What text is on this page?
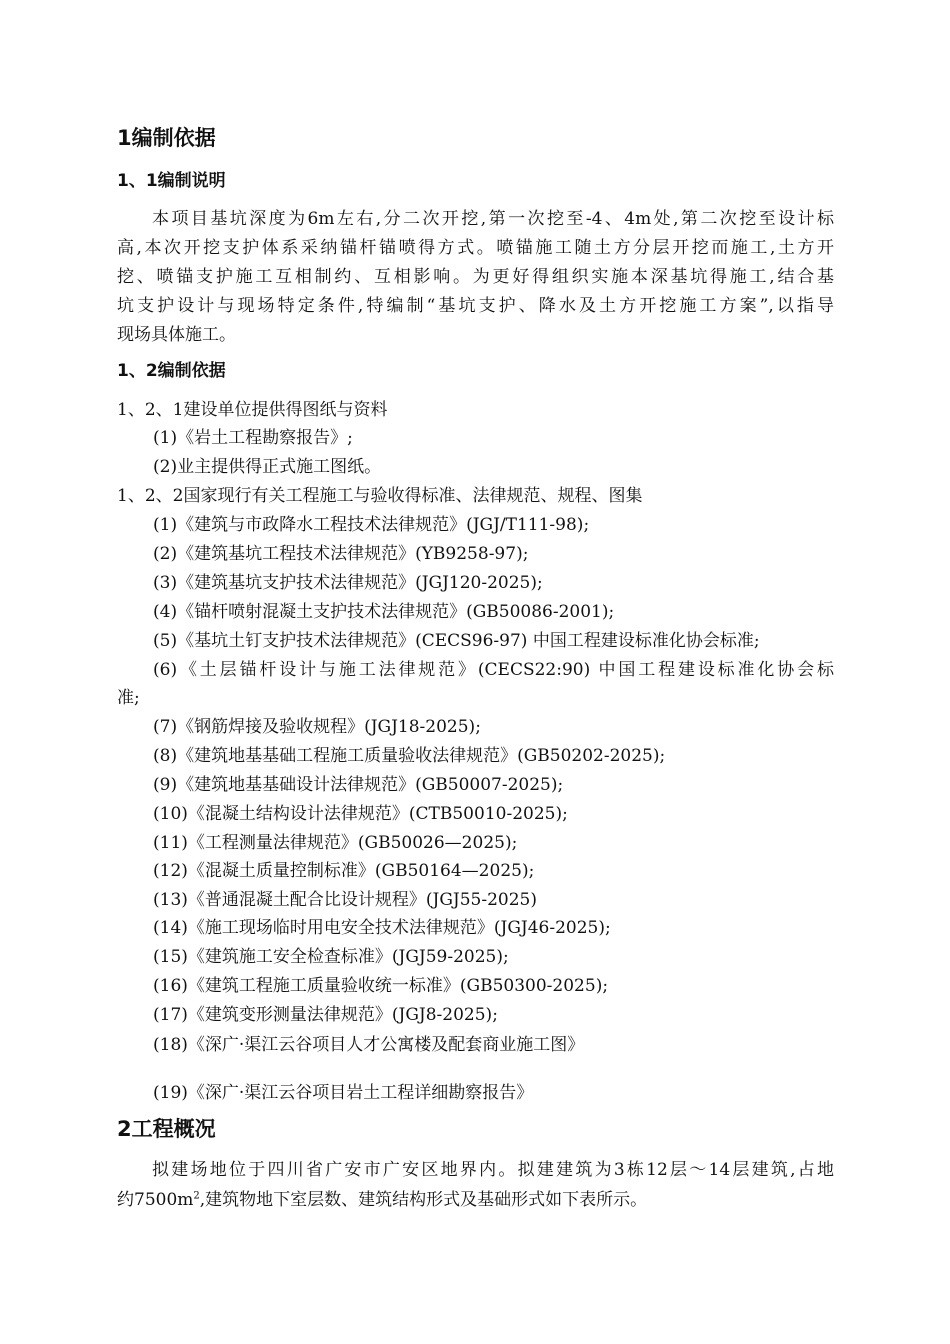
1编制依据
1、1编制说明
本项目基坑深度为6m左右,分二次开挖,第一次挖至-4、4m处,第二次挖至设计标
高,本次开挖支护体系采纳锚杆锚喷得方式。喷锚施工随土方分层开挖而施工,土方开
挖、喷锚支护施工互相制约、互相影响。为更好得组织实施本深基坑得施工,结合基
坑支护设计与现场特定条件,特编制“基坑支护、降水及土方开挖施工方案”,以指导
现场具体施工。
1、2编制依据
1、2、1建设单位提供得图纸与资料
(1)《岩土工程勘察报告》;
(2)业主提供得正式施工图纸。
1、2、2国家现行有关工程施工与验收得标准、法律规范、规程、图集
(1)《建筑与市政降水工程技术法律规范》(JGJ/T111-98);
(2)《建筑基坑工程技术法律规范》(YB9258-97);
(3)《建筑基坑支护技术法律规范》(JGJ120-2025);
(4)《锚杆喷射混凝土支护技术法律规范》(GB50086-2001);
(5)《基坑土钉支护技术法律规范》(CECS96-97) 中国工程建设标准化协会标准;
(6)《土层锚杆设计与施工法律规范》(CECS22:90) 中国工程建设标准化协会标
准;
(7)《钢筋焊接及验收规程》(JGJ18-2025);
(8)《建筑地基基础工程施工质量验收法律规范》(GB50202-2025);
(9)《建筑地基基础设计法律规范》(GB50007-2025);
(10)《混凝土结构设计法律规范》(CTB50010-2025);
(11)《工程测量法律规范》(GB50026—2025);
(12)《混凝土质量控制标准》(GB50164—2025);
(13)《普通混凝土配合比设计规程》(JGJ55-2025)
(14)《施工现场临时用电安全技术法律规范》(JGJ46-2025);
(15)《建筑施工安全检查标准》(JGJ59-2025);
(16)《建筑工程施工质量验收统一标准》(GB50300-2025);
(17)《建筑变形测量法律规范》(JGJ8-2025);
(18)《深广·渠江云谷项目人才公寓楼及配套商业施工图》
(19)《深广·渠江云谷项目岩土工程详细勘察报告》
2工程概况
拟建场地位于四川省广安市广安区地界内。拟建建筑为3栋12层～14层建筑,占地
约$7500m^2$,建筑物地下室层数、建筑结构形式及基础形式如下表所示。
